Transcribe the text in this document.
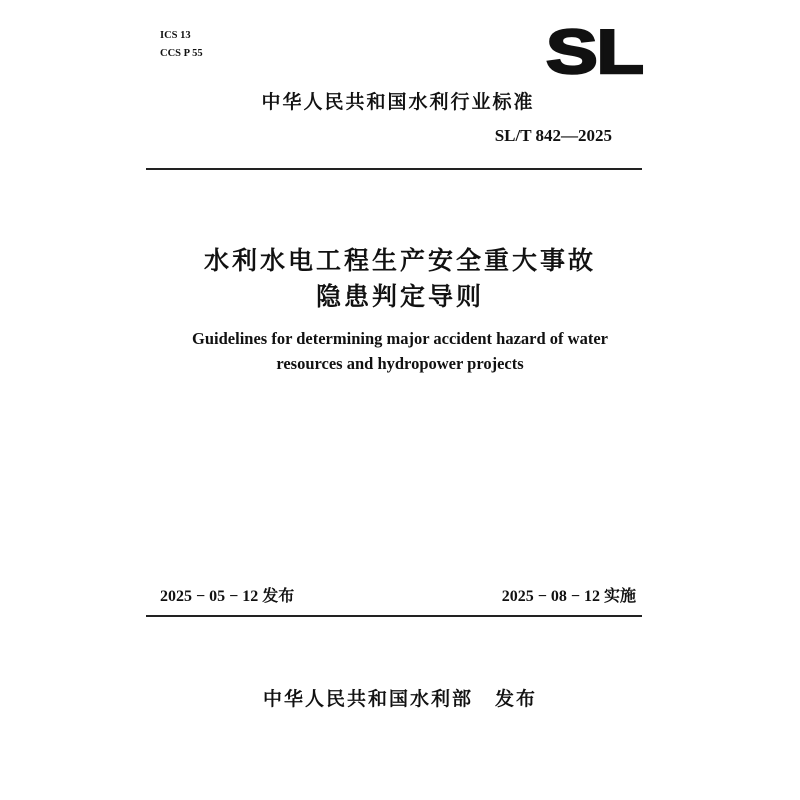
ICS 13
CCS P 55	SL
中华人民共和国水利行业标准
SL/T 842—2025
水利水电工程生产安全重大事故
隐患判定导则
Guidelines for determining major accident hazard of water
resources and hydropower projects
2025 − 05 − 12 发布	2025 − 08 − 12 实施
中华人民共和国水利部 发布
